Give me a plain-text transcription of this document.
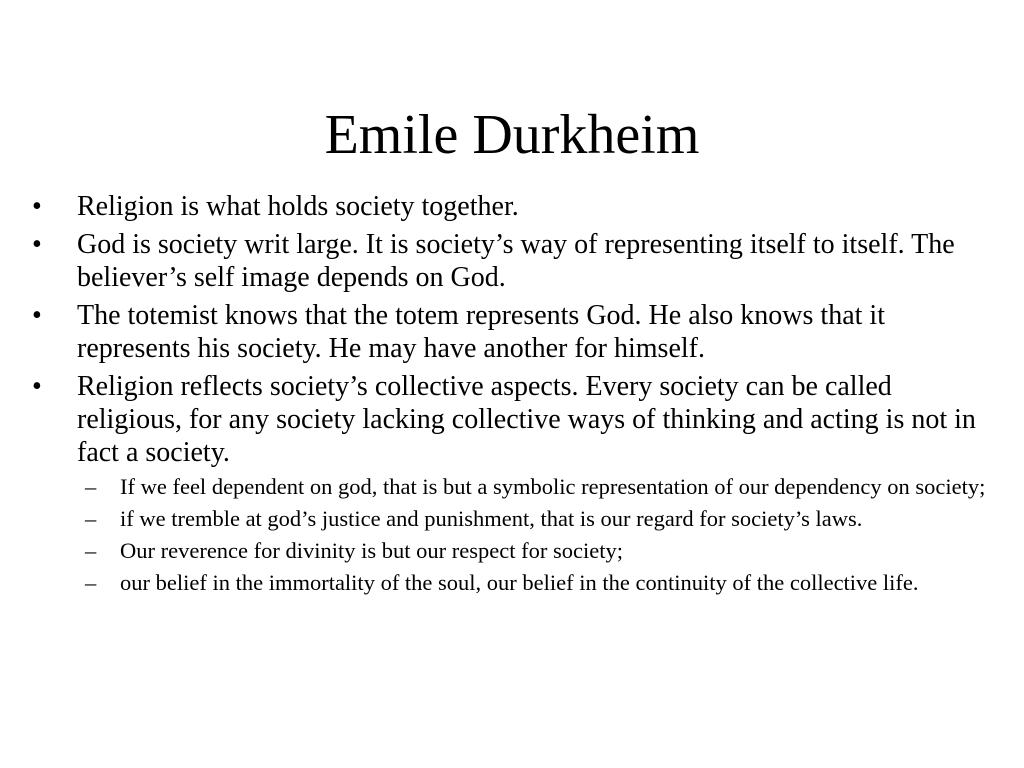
Emile Durkheim
•	Religion is what holds society together.
•	God is society writ large. It is society’s way of representing itself to itself. The believer’s self image depends on God.
•	The totemist knows that the totem represents God. He also knows that it represents his society. He may have another for himself.
•	Religion reflects society’s collective aspects. Every society can be called religious, for any society lacking collective ways of thinking and acting is not in fact a society.
–	If we feel dependent on god, that is but a symbolic representation of our dependency on society;
–	if we tremble at god’s justice and punishment, that is our regard for society’s laws.
–	Our reverence for divinity is but our respect for society;
–	our belief in the immortality of the soul, our belief in the continuity of the collective life.
